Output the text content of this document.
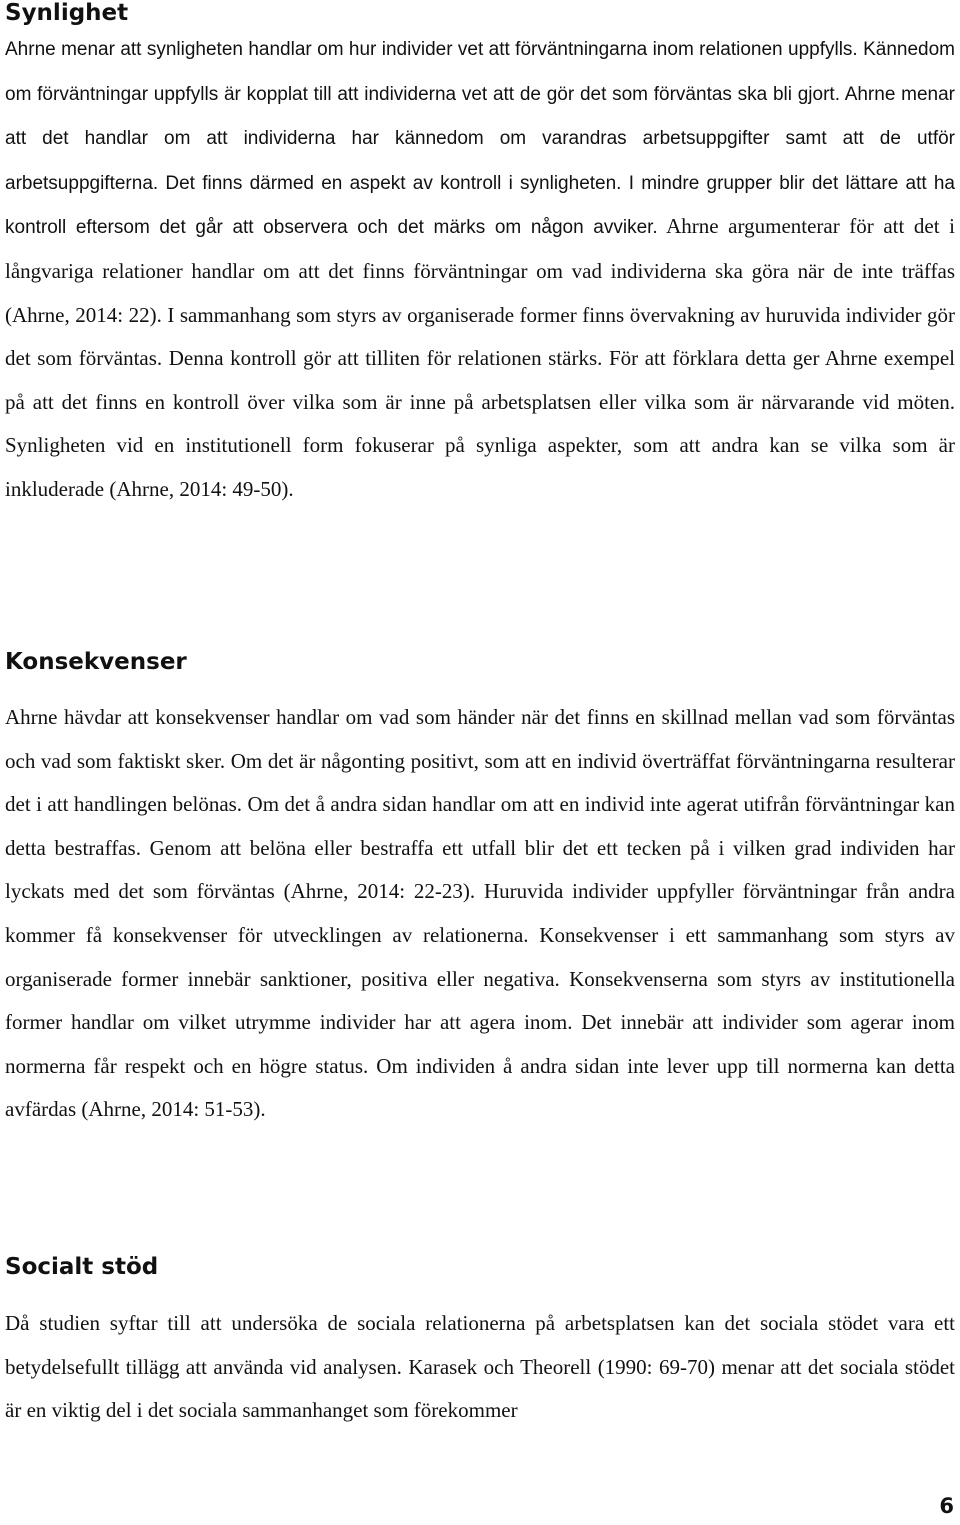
Synlighet

Ahrne menar att synligheten handlar om hur individer vet att förväntningarna inom relationen uppfylls. Kännedom om förväntningar uppfylls är kopplat till att individerna vet att de gör det som förväntas ska bli gjort. Ahrne menar att det handlar om att individerna har kännedom om varandras arbetsuppgifter samt att de utför arbetsuppgifterna. Det finns därmed en aspekt av kontroll i synligheten. I mindre grupper blir det lättare att ha kontroll eftersom det går att observera och det märks om någon avviker. Ahrne argumenterar för att det i långvariga relationer handlar om att det finns förväntningar om vad individerna ska göra när de inte träffas (Ahrne, 2014: 22). I sammanhang som styrs av organiserade former finns övervakning av huruvida individer gör det som förväntas. Denna kontroll gör att tilliten för relationen stärks. För att förklara detta ger Ahrne exempel på att det finns en kontroll över vilka som är inne på arbetsplatsen eller vilka som är närvarande vid möten. Synligheten vid en institutionell form fokuserar på synliga aspekter, som att andra kan se vilka som är inkluderade (Ahrne, 2014: 49-50).

Konsekvenser

Ahrne hävdar att konsekvenser handlar om vad som händer när det finns en skillnad mellan vad som förväntas och vad som faktiskt sker. Om det är någonting positivt, som att en individ överträffat förväntningarna resulterar det i att handlingen belönas. Om det å andra sidan handlar om att en individ inte agerat utifrån förväntningar kan detta bestraffas. Genom att belöna eller bestraffa ett utfall blir det ett tecken på i vilken grad individen har lyckats med det som förväntas (Ahrne, 2014: 22-23). Huruvida individer uppfyller förväntningar från andra kommer få konsekvenser för utvecklingen av relationerna. Konsekvenser i ett sammanhang som styrs av organiserade former innebär sanktioner, positiva eller negativa. Konsekvenserna som styrs av institutionella former handlar om vilket utrymme individer har att agera inom. Det innebär att individer som agerar inom normerna får respekt och en högre status. Om individen å andra sidan inte lever upp till normerna kan detta avfärdas (Ahrne, 2014: 51-53).

Socialt stöd

Då studien syftar till att undersöka de sociala relationerna på arbetsplatsen kan det sociala stödet vara ett betydelsefullt tillägg att använda vid analysen. Karasek och Theorell (1990: 69-70) menar att det sociala stödet är en viktig del i det sociala sammanhanget som förekommer

6
